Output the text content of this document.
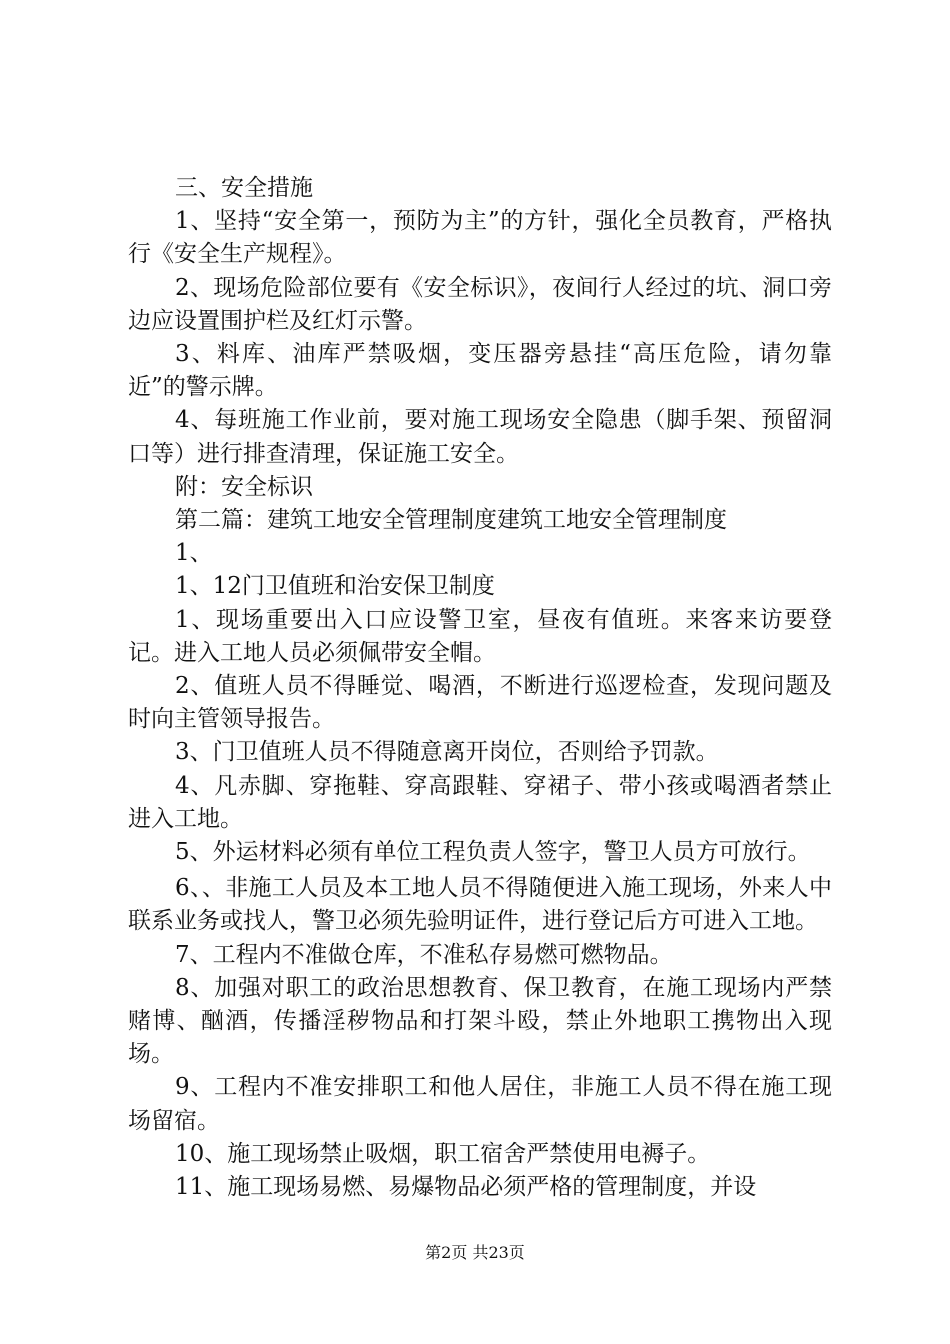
三、安全措施

1、坚持“安全第一，预防为主”的方针，强化全员教育，严格执行《安全生产规程》。

2、现场危险部位要有《安全标识》，夜间行人经过的坑、洞口旁边应设置围护栏及红灯示警。

3、料库、油库严禁吸烟，变压器旁悬挂“高压危险，请勿靠近”的警示牌。

4、每班施工作业前，要对施工现场安全隐患（脚手架、预留洞口等）进行排查清理，保证施工安全。

附：安全标识

第二篇：建筑工地安全管理制度建筑工地安全管理制度

1、

1、12门卫值班和治安保卫制度

1、现场重要出入口应设警卫室，昼夜有值班。来客来访要登记。进入工地人员必须佩带安全帽。

2、值班人员不得睡觉、喝酒，不断进行巡逻检查，发现问题及时向主管领导报告。

3、门卫值班人员不得随意离开岗位，否则给予罚款。

4、凡赤脚、穿拖鞋、穿高跟鞋、穿裙子、带小孩或喝酒者禁止进入工地。

5、外运材料必须有单位工程负责人签字，警卫人员方可放行。

6、、非施工人员及本工地人员不得随便进入施工现场，外来人中联系业务或找人，警卫必须先验明证件，进行登记后方可进入工地。

7、工程内不准做仓库，不准私存易燃可燃物品。

8、加强对职工的政治思想教育、保卫教育，在施工现场内严禁赌博、酗酒，传播淫秽物品和打架斗殴，禁止外地职工携物出入现场。

9、工程内不准安排职工和他人居住，非施工人员不得在施工现场留宿。

10、施工现场禁止吸烟，职工宿舍严禁使用电褥子。

11、施工现场易燃、易爆物品必须严格的管理制度，并设

第2页 共23页
